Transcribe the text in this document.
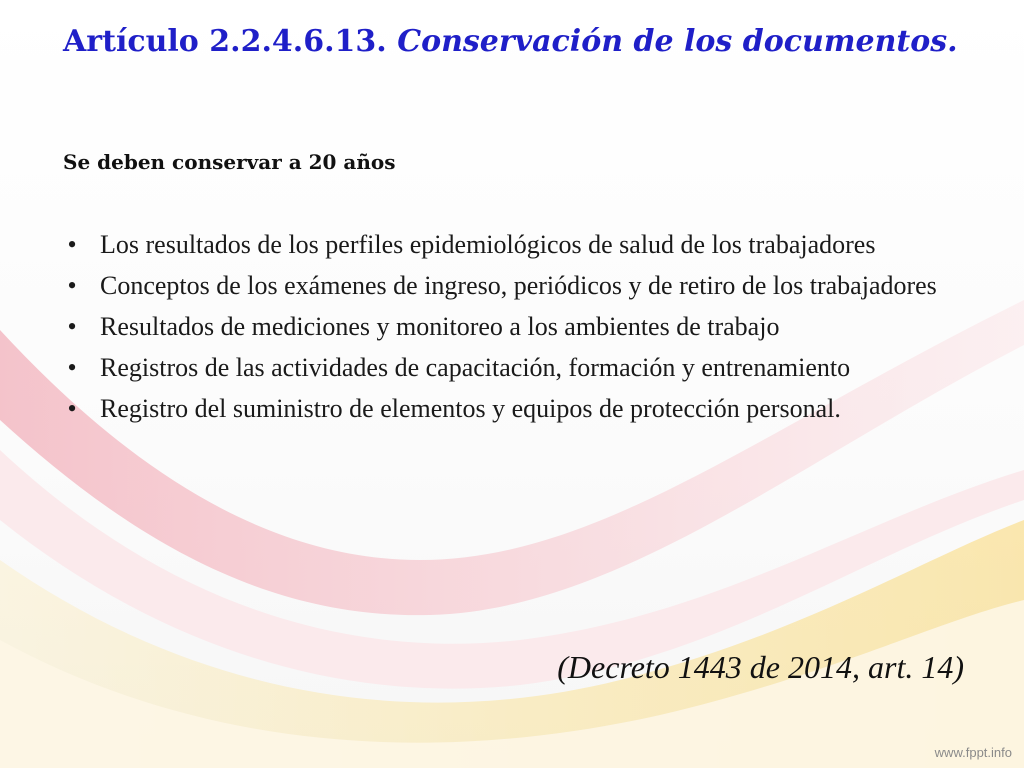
Artículo 2.2.4.6.13. Conservación de los documentos.

Se deben conservar a 20 años

• Los resultados de los perfiles epidemiológicos de salud de los trabajadores
• Conceptos de los exámenes de ingreso, periódicos y de retiro de los trabajadores
• Resultados de mediciones y monitoreo a los ambientes de trabajo
• Registros de las actividades de capacitación, formación y entrenamiento
• Registro del suministro de elementos y equipos de protección personal.

(Decreto 1443 de 2014, art. 14)

www.fppt.info
